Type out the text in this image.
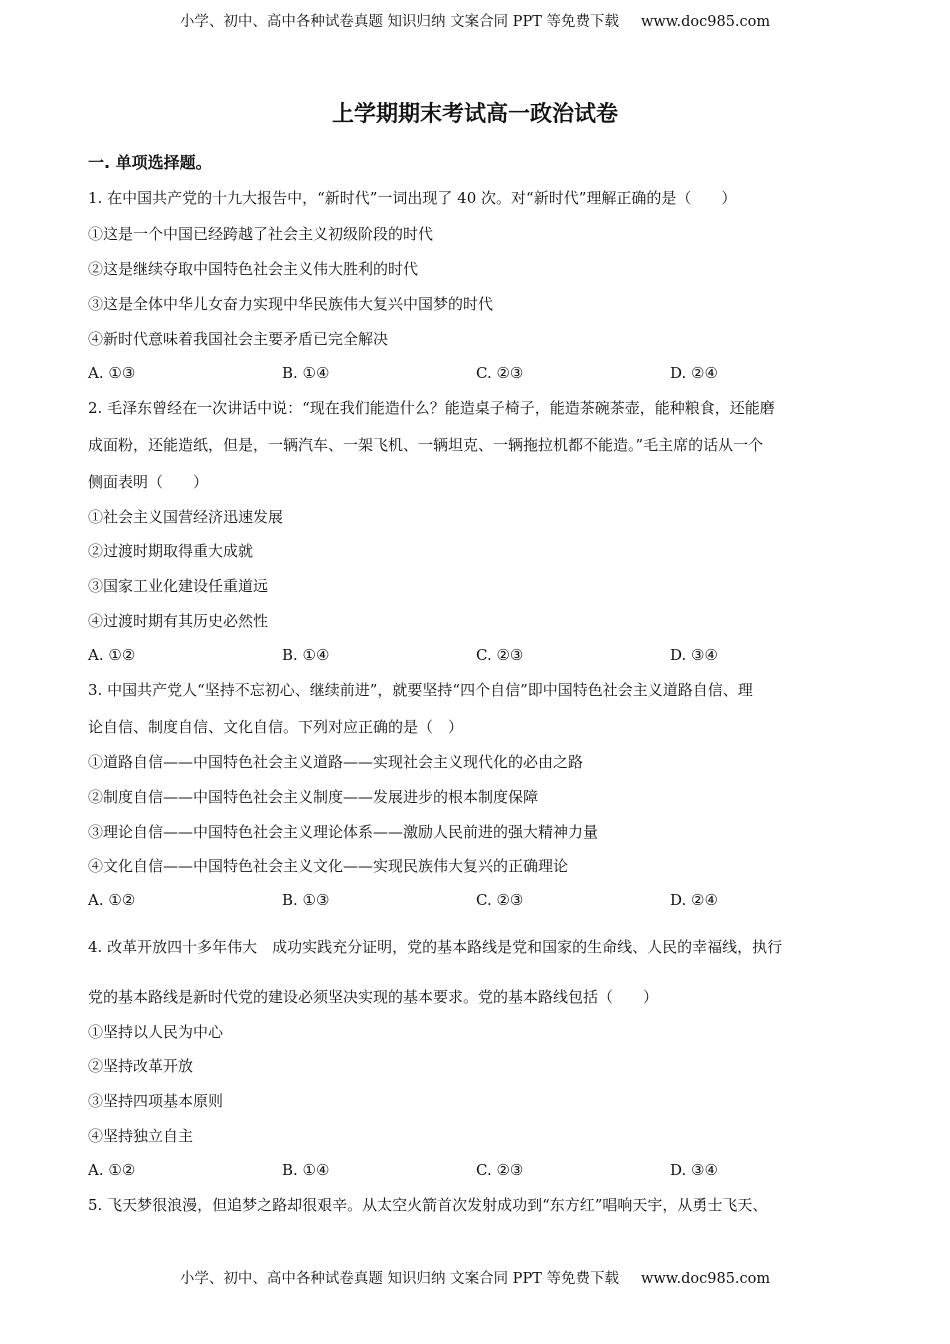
小学、初中、高中各种试卷真题 知识归纳 文案合同 PPT 等免费下载 www.doc985.com
上学期期末考试高一政治试卷
一. 单项选择题。
1. 在中国共产党的十九大报告中，“新时代”一词出现了 40 次。对“新时代”理解正确的是（　　）
①这是一个中国已经跨越了社会主义初级阶段的时代
②这是继续夺取中国特色社会主义伟大胜利的时代
③这是全体中华儿女奋力实现中华民族伟大复兴中国梦的时代
④新时代意味着我国社会主要矛盾已完全解决
A. ①③	B. ①④	C. ②③	D. ②④
2. 毛泽东曾经在一次讲话中说：“现在我们能造什么？能造桌子椅子，能造茶碗茶壶，能种粮食，还能磨
成面粉，还能造纸，但是，一辆汽车、一架飞机、一辆坦克、一辆拖拉机都不能造。”毛主席的话从一个
侧面表明（　　）
①社会主义国营经济迅速发展
②过渡时期取得重大成就
③国家工业化建设任重道远
④过渡时期有其历史必然性
A. ①②	B. ①④	C. ②③	D. ③④
3. 中国共产党人“坚持不忘初心、继续前进”，就要坚持“四个自信”即中国特色社会主义道路自信、理
论自信、制度自信、文化自信。下列对应正确的是（　）
①道路自信——中国特色社会主义道路——实现社会主义现代化的必由之路
②制度自信——中国特色社会主义制度——发展进步的根本制度保障
③理论自信——中国特色社会主义理论体系——激励人民前进的强大精神力量
④文化自信——中国特色社会主义文化——实现民族伟大复兴的正确理论
A. ①②	B. ①③	C. ②③	D. ②④
4. 改革开放四十多年伟大　成功实践充分证明，党的基本路线是党和国家的生命线、人民的幸福线，执行
党的基本路线是新时代党的建设必须坚决实现的基本要求。党的基本路线包括（　　）
①坚持以人民为中心
②坚持改革开放
③坚持四项基本原则
④坚持独立自主
A. ①②	B. ①④	C. ②③	D. ③④
5. 飞天梦很浪漫，但追梦之路却很艰辛。从太空火箭首次发射成功到“东方红”唱响天宇，从勇士飞天、
小学、初中、高中各种试卷真题 知识归纳 文案合同 PPT 等免费下载 www.doc985.com
